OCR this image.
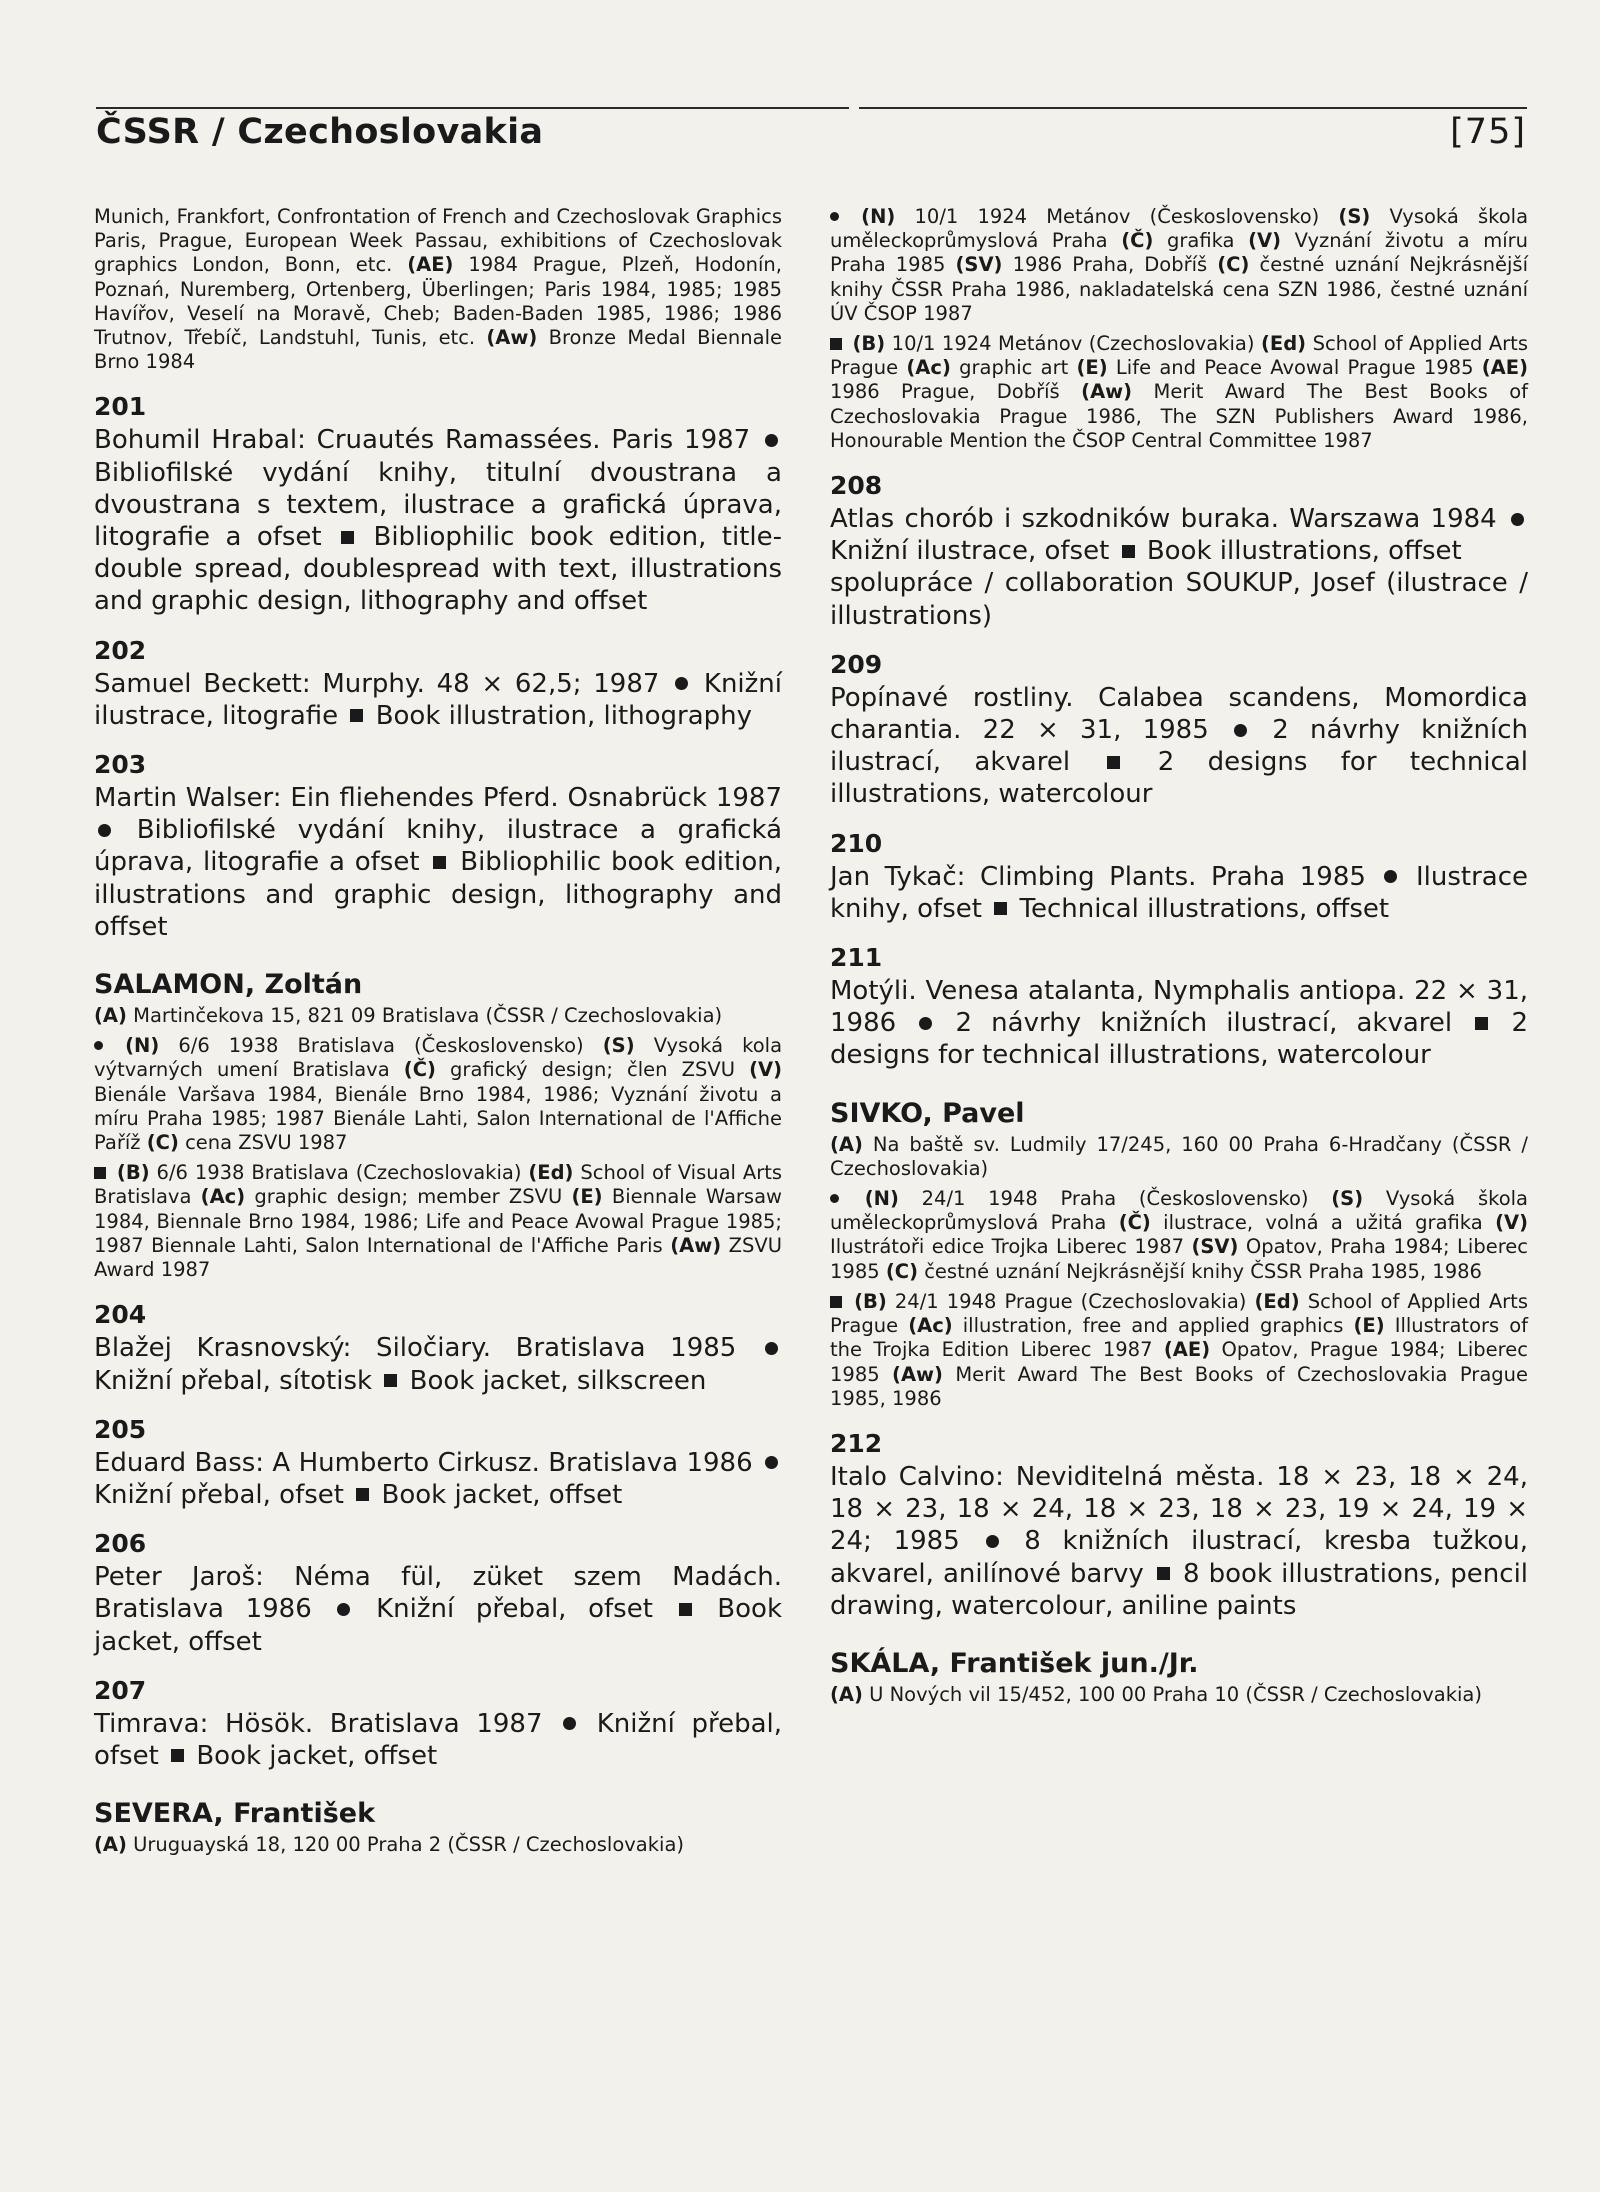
ČSSR / Czechoslovakia	[75]

Munich, Frankfort, Confrontation of French and Czechoslovak Graphics Paris, Prague, European Week Passau, exhibitions of Czechoslovak graphics London, Bonn, etc. (AE) 1984 Prague, Plzeň, Hodonín, Poznań, Nuremberg, Ortenberg, Überlingen; Paris 1984, 1985; 1985 Havířov, Veselí na Moravě, Cheb; Baden-Baden 1985, 1986; 1986 Trutnov, Třebíč, Landstuhl, Tunis, etc. (Aw) Bronze Medal Biennale Brno 1984

201

Bohumil Hrabal: Cruautés Ramassées. Paris 1987  Bibliofilské vydání knihy, titulní dvoustrana a dvoustrana s textem, ilustrace a grafická úprava, litografie a ofset Bibliophilic book edition, title-double spread, doublespread with text, illustrations and graphic design, lithography and offset

202

Samuel Beckett: Murphy. 48 × 62,5; 1987 Knižní ilustrace, litografie Book illustration, lithography

203

Martin Walser: Ein fliehendes Pferd. Osnabrück 1987  Bibliofilské vydání knihy, ilustrace a grafická úprava, litografie a ofset Bibliophilic book edition, illustrations and graphic design, lithography and offset

SALAMON, Zoltán

(A) Martinčekova 15, 821 09 Bratislava (ČSSR / Czechoslovakia)

(N) 6/6 1938 Bratislava (Československo) (S) Vysoká kola výtvarných umení Bratislava (Č) grafický design; člen ZSVU (V) Bienále Varšava 1984, Bienále Brno 1984, 1986; Vyznání životu a míru Praha 1985; 1987 Bienále Lahti, Salon International de l'Affiche Paříž (C) cena ZSVU 1987

(B) 6/6 1938 Bratislava (Czechoslovakia) (Ed) School of Visual Arts Bratislava (Ac) graphic design; member ZSVU (E) Biennale Warsaw 1984, Biennale Brno 1984, 1986; Life and Peace Avowal Prague 1985; 1987 Biennale Lahti, Salon International de l'Affiche Paris (Aw) ZSVU Award 1987

204

Blažej Krasnovský: Siločiary. Bratislava 1985  Knižní přebal, sítotisk Book jacket, silkscreen

205

Eduard Bass: A Humberto Cirkusz. Bratislava 1986  Knižní přebal, ofset Book jacket, offset

206

Peter Jaroš: Néma fül, züket szem Madách. Bratislava 1986 Knižní přebal, ofset Book jacket, offset

207

Timrava: Hösök. Bratislava 1987 Knižní přebal, ofset Book jacket, offset

SEVERA, František

(A) Uruguayská 18, 120 00 Praha 2 (ČSSR / Czechoslovakia)

(N) 10/1 1924 Metánov (Československo) (S) Vysoká škola uměleckoprůmyslová Praha (Č) grafika (V) Vyznání životu a míru Praha 1985 (SV) 1986 Praha, Dobříš (C) čestné uznání Nejkrásnější knihy ČSSR Praha 1986, nakladatelská cena SZN 1986, čestné uznání ÚV ČSOP 1987

(B) 10/1 1924 Metánov (Czechoslovakia) (Ed) School of Applied Arts Prague (Ac) graphic art (E) Life and Peace Avowal Prague 1985 (AE) 1986 Prague, Dobříš (Aw) Merit Award The Best Books of Czechoslovakia Prague 1986, The SZN Publishers Award 1986, Honourable Mention the ČSOP Central Committee 1987

208

Atlas chorób i szkodników buraka. Warszawa 1984  Knižní ilustrace, ofset Book illustrations, offset

spolupráce / collaboration SOUKUP, Josef (ilustrace / illustrations)

209

Popínavé rostliny. Calabea scandens, Momordica charantia. 22 × 31, 1985 2 návrhy knižních ilustrací, akvarel	2 designs for technical illustrations, watercolour

210

Jan Tykač: Climbing Plants. Praha 1985 Ilustrace knihy, ofset Technical illustrations, offset

211

Motýli. Venesa atalanta, Nymphalis antiopa. 22 × 31, 1986 2 návrhy knižních ilustrací, akvarel 2 designs for technical illustrations, watercolour

SIVKO, Pavel

(A) Na baště sv. Ludmily 17/245, 160 00 Praha 6-Hradčany (ČSSR / Czechoslovakia)

(N) 24/1 1948 Praha (Československo) (S) Vysoká škola uměleckoprůmyslová Praha (Č) ilustrace, volná a užitá grafika (V) Ilustrátoři edice Trojka Liberec 1987 (SV) Opatov, Praha 1984; Liberec 1985 (C) čestné uznání Nejkrásnější knihy ČSSR Praha 1985, 1986

(B) 24/1 1948 Prague (Czechoslovakia) (Ed) School of Applied Arts Prague (Ac) illustration, free and applied graphics (E) Illustrators of the Trojka Edition Liberec 1987 (AE) Opatov, Prague 1984; Liberec 1985 (Aw) Merit Award The Best Books of Czechoslovakia Prague 1985, 1986

212

Italo Calvino: Neviditelná města. 18 × 23, 18 × 24, 18 × 23, 18 × 24, 18 × 23, 18 × 23, 19 × 24, 19 × 24; 1985 8 knižních ilustrací, kresba tužkou, akvarel, anilínové barvy 8 book illustrations, pencil drawing, watercolour, aniline paints

SKÁLA, František jun./Jr.

(A) U Nových vil 15/452, 100 00 Praha 10 (ČSSR / Czechoslovakia)
